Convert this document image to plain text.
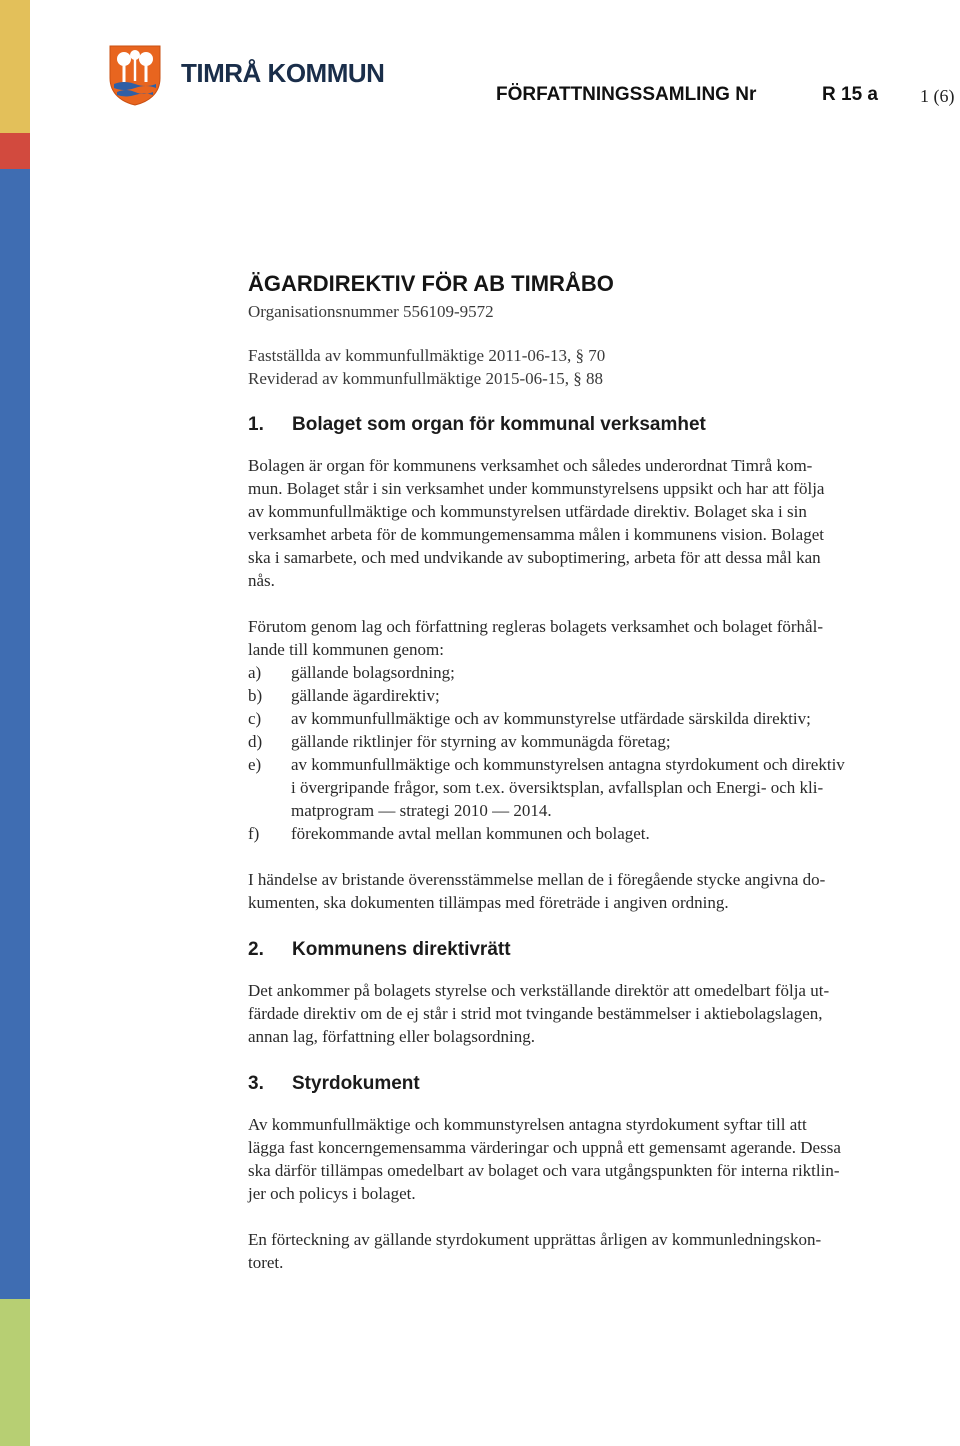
TIMRÅ KOMMUN
FÖRFATTNINGSSAMLING Nr	R 15 a 1 (6)
ÄGARDIREKTIV FÖR AB TIMRÅBO
Organisationsnummer 556109-9572
Fastställda av kommunfullmäktige 2011-06-13, § 70
Reviderad av kommunfullmäktige 2015-06-15, § 88
1.	Bolaget som organ för kommunal verksamhet

Bolagen är organ för kommunens verksamhet och således underordnat Timrå kom-
mun. Bolaget står i sin verksamhet under kommunstyrelsens uppsikt och har att följa
av kommunfullmäktige och kommunstyrelsen utfärdade direktiv. Bolaget ska i sin
verksamhet arbeta för de kommungemensamma målen i kommunens vision. Bolaget
ska i samarbete, och med undvikande av suboptimering, arbeta för att dessa mål kan
nås.

Förutom genom lag och författning regleras bolagets verksamhet och bolaget förhål-
lande till kommunen genom:

a)	gällande bolagsordning;
b)	gällande ägardirektiv;
c)	av kommunfullmäktige och av kommunstyrelse utfärdade särskilda direktiv;
d)	gällande riktlinjer för styrning av kommunägda företag;
e)	av kommunfullmäktige och kommunstyrelsen antagna styrdokument och direktiv
i övergripande frågor, som t.ex. översiktsplan, avfallsplan och Energi- och kli-
matprogram — strategi 2010 — 2014.
f)	förekommande avtal mellan kommunen och bolaget.

I händelse av bristande överensstämmelse mellan de i föregående stycke angivna do-
kumenten, ska dokumenten tillämpas med företräde i angiven ordning.

2.	Kommunens direktivrätt

Det ankommer på bolagets styrelse och verkställande direktör att omedelbart följa ut-
färdade direktiv om de ej står i strid mot tvingande bestämmelser i aktiebolagslagen,
annan lag, författning eller bolagsordning.

3.	Styrdokument

Av kommunfullmäktige och kommunstyrelsen antagna styrdokument syftar till att
lägga fast koncerngemensamma värderingar och uppnå ett gemensamt agerande. Dessa
ska därför tillämpas omedelbart av bolaget och vara utgångspunkten för interna riktlin-
jer och policys i bolaget.

En förteckning av gällande styrdokument upprättas årligen av kommunledningskon-
toret.
